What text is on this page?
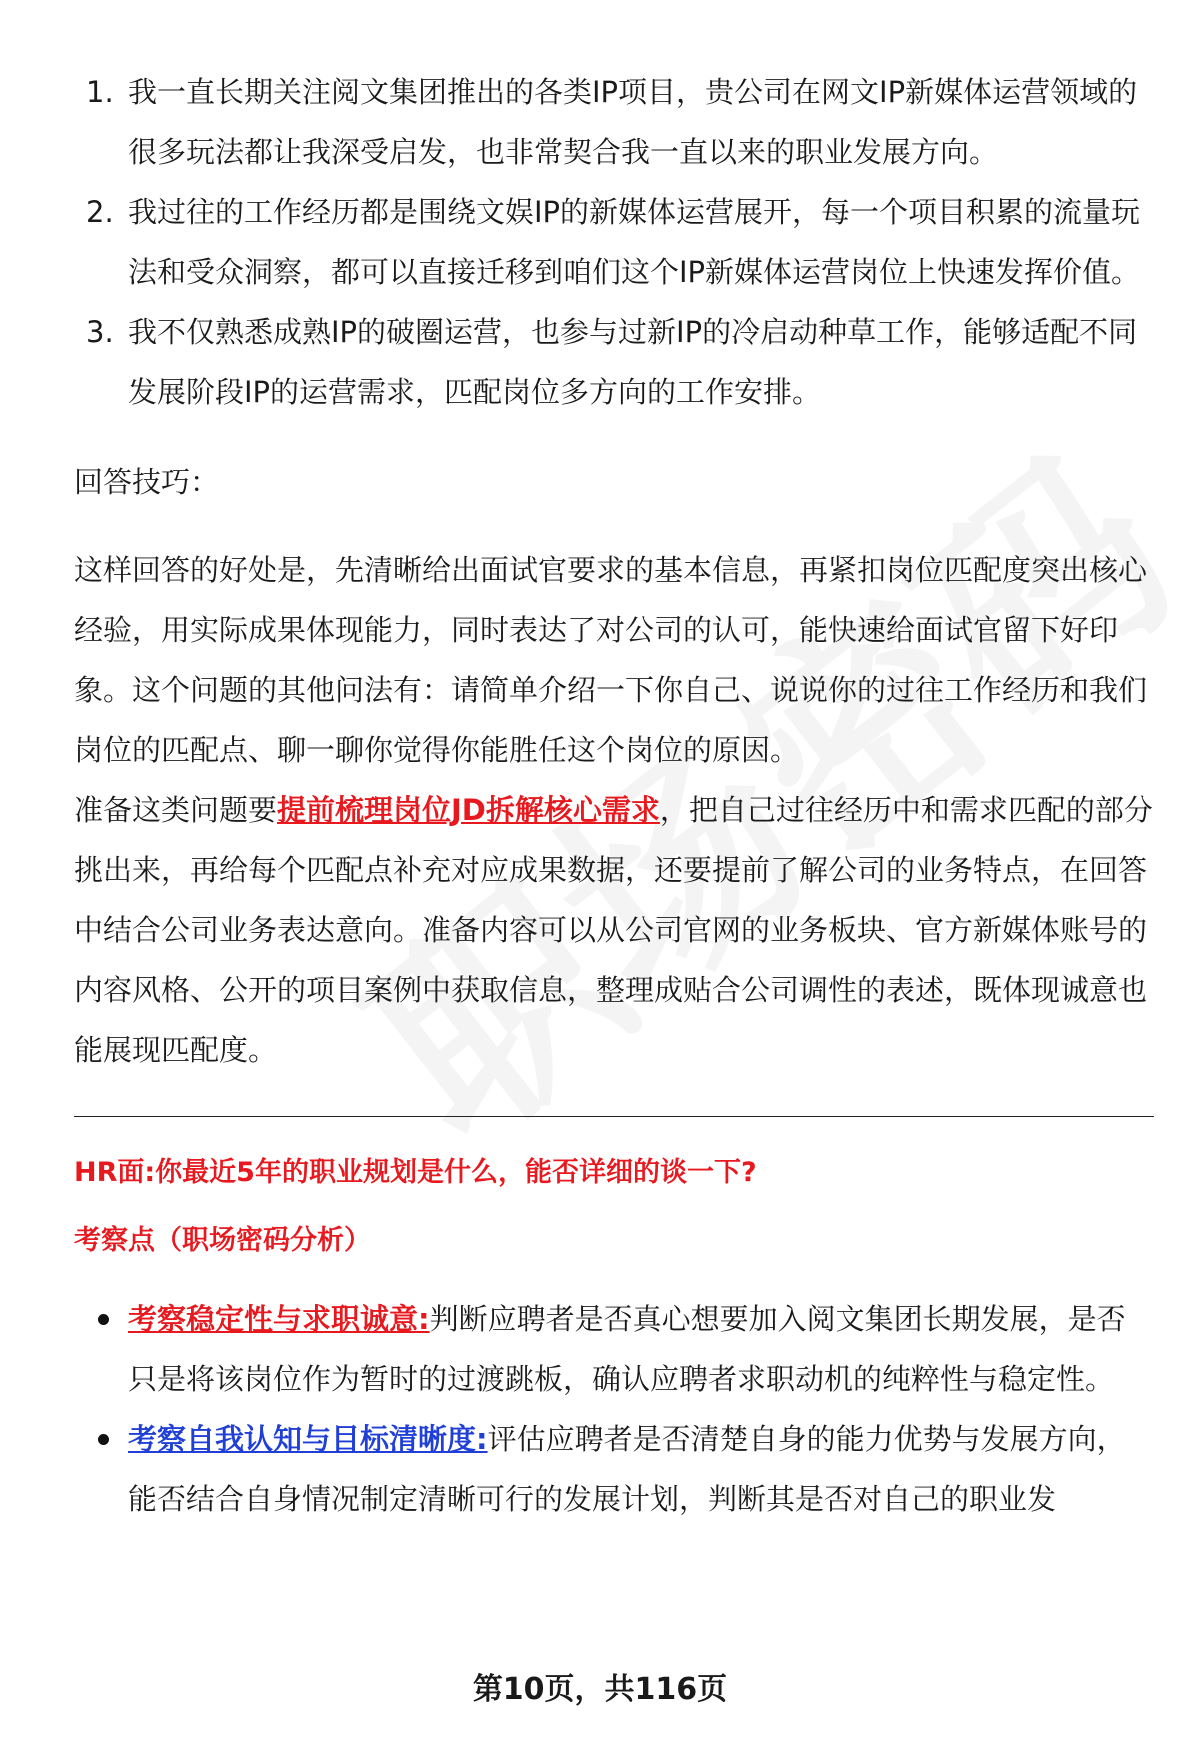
1. 我一直长期关注阅文集团推出的各类IP项目，贵公司在网文IP新媒体运营领域的很多玩法都让我深受启发，也非常契合我一直以来的职业发展方向。
2. 我过往的工作经历都是围绕文娱IP的新媒体运营展开，每一个项目积累的流量玩法和受众洞察，都可以直接迁移到咱们这个IP新媒体运营岗位上快速发挥价值。
3. 我不仅熟悉成熟IP的破圈运营，也参与过新IP的冷启动种草工作，能够适配不同发展阶段IP的运营需求，匹配岗位多方向的工作安排。

回答技巧：

这样回答的好处是，先清晰给出面试官要求的基本信息，再紧扣岗位匹配度突出核心经验，用实际成果体现能力，同时表达了对公司的认可，能快速给面试官留下好印象。这个问题的其他问法有：请简单介绍一下你自己、说说你的过往工作经历和我们岗位的匹配点、聊一聊你觉得你能胜任这个岗位的原因。

准备这类问题要提前梳理岗位JD拆解核心需求，把自己过往经历中和需求匹配的部分挑出来，再给每个匹配点补充对应成果数据，还要提前了解公司的业务特点，在回答中结合公司业务表达意向。准备内容可以从公司官网的业务板块、官方新媒体账号的内容风格、公开的项目案例中获取信息，整理成贴合公司调性的表述，既体现诚意也能展现匹配度。

HR面:你最近5年的职业规划是什么，能否详细的谈一下?

考察点（职场密码分析）

考察稳定性与求职诚意:判断应聘者是否真心想要加入阅文集团长期发展，是否只是将该岗位作为暂时的过渡跳板，确认应聘者求职动机的纯粹性与稳定性。
考察自我认知与目标清晰度:评估应聘者是否清楚自身的能力优势与发展方向，能否结合自身情况制定清晰可行的发展计划，判断其是否对自己的职业发
第10页，共116页
